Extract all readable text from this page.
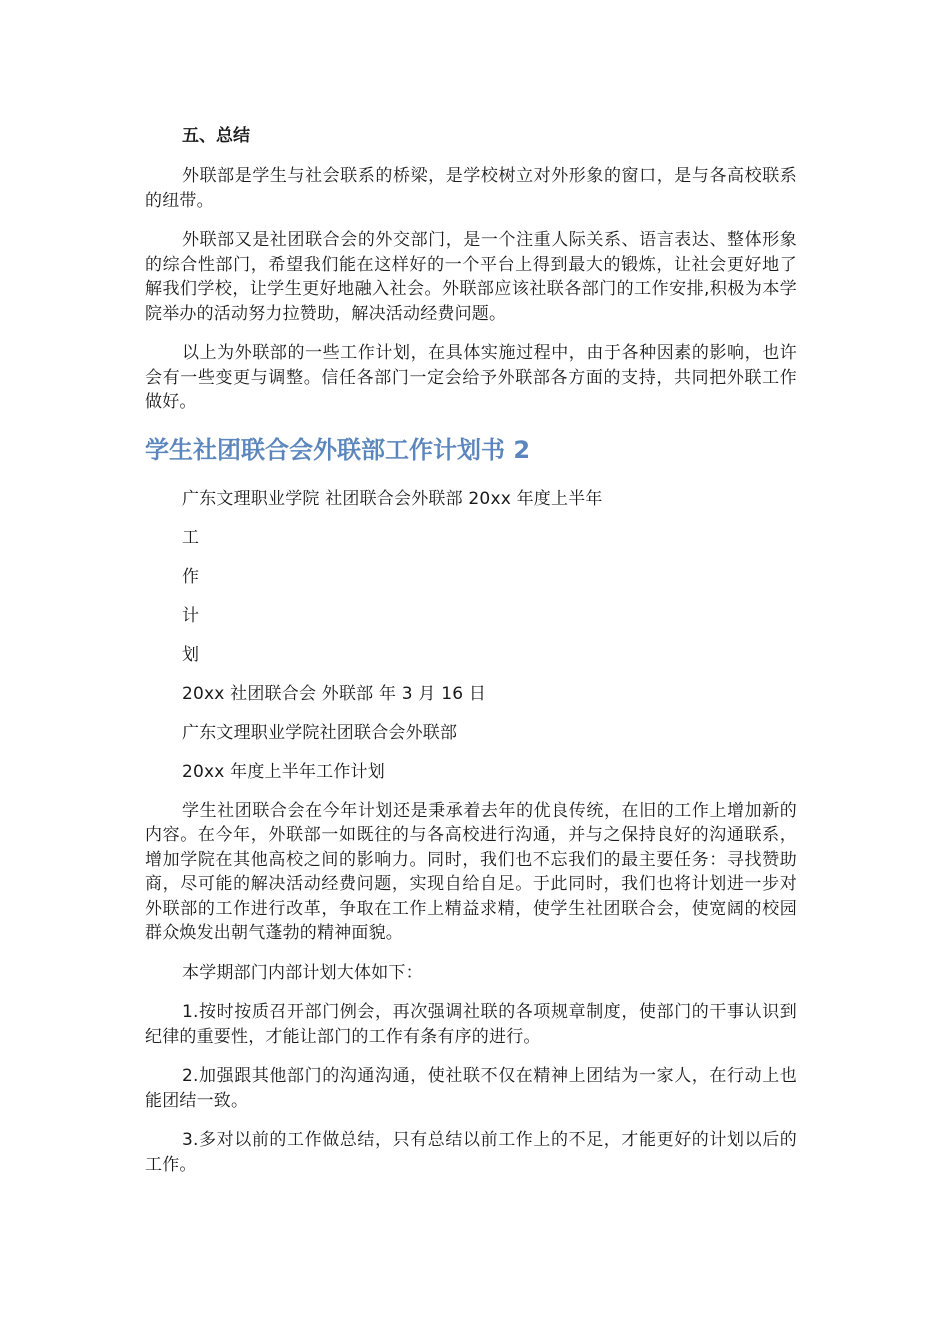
五、总结

外联部是学生与社会联系的桥梁，是学校树立对外形象的窗口，是与各高校联系的纽带。

外联部又是社团联合会的外交部门，是一个注重人际关系、语言表达、整体形象的综合性部门，希望我们能在这样好的一个平台上得到最大的锻炼，让社会更好地了解我们学校，让学生更好地融入社会。外联部应该社联各部门的工作安排,积极为本学院举办的活动努力拉赞助，解决活动经费问题。

以上为外联部的一些工作计划，在具体实施过程中，由于各种因素的影响，也许会有一些变更与调整。信任各部门一定会给予外联部各方面的支持，共同把外联工作做好。

学生社团联合会外联部工作计划书 2

广东文理职业学院 社团联合会外联部 20xx 年度上半年

工

作

计

划

20xx 社团联合会 外联部 年 3 月 16 日

广东文理职业学院社团联合会外联部

20xx 年度上半年工作计划

学生社团联合会在今年计划还是秉承着去年的优良传统，在旧的工作上增加新的内容。在今年，外联部一如既往的与各高校进行沟通，并与之保持良好的沟通联系，增加学院在其他高校之间的影响力。同时，我们也不忘我们的最主要任务：寻找赞助商，尽可能的解决活动经费问题，实现自给自足。于此同时，我们也将计划进一步对外联部的工作进行改革，争取在工作上精益求精，使学生社团联合会，使宽阔的校园群众焕发出朝气蓬勃的精神面貌。

本学期部门内部计划大体如下：

1.按时按质召开部门例会，再次强调社联的各项规章制度，使部门的干事认识到纪律的重要性，才能让部门的工作有条有序的进行。

2.加强跟其他部门的沟通沟通，使社联不仅在精神上团结为一家人，在行动上也能团结一致。

3.多对以前的工作做总结，只有总结以前工作上的不足，才能更好的计划以后的工作。
